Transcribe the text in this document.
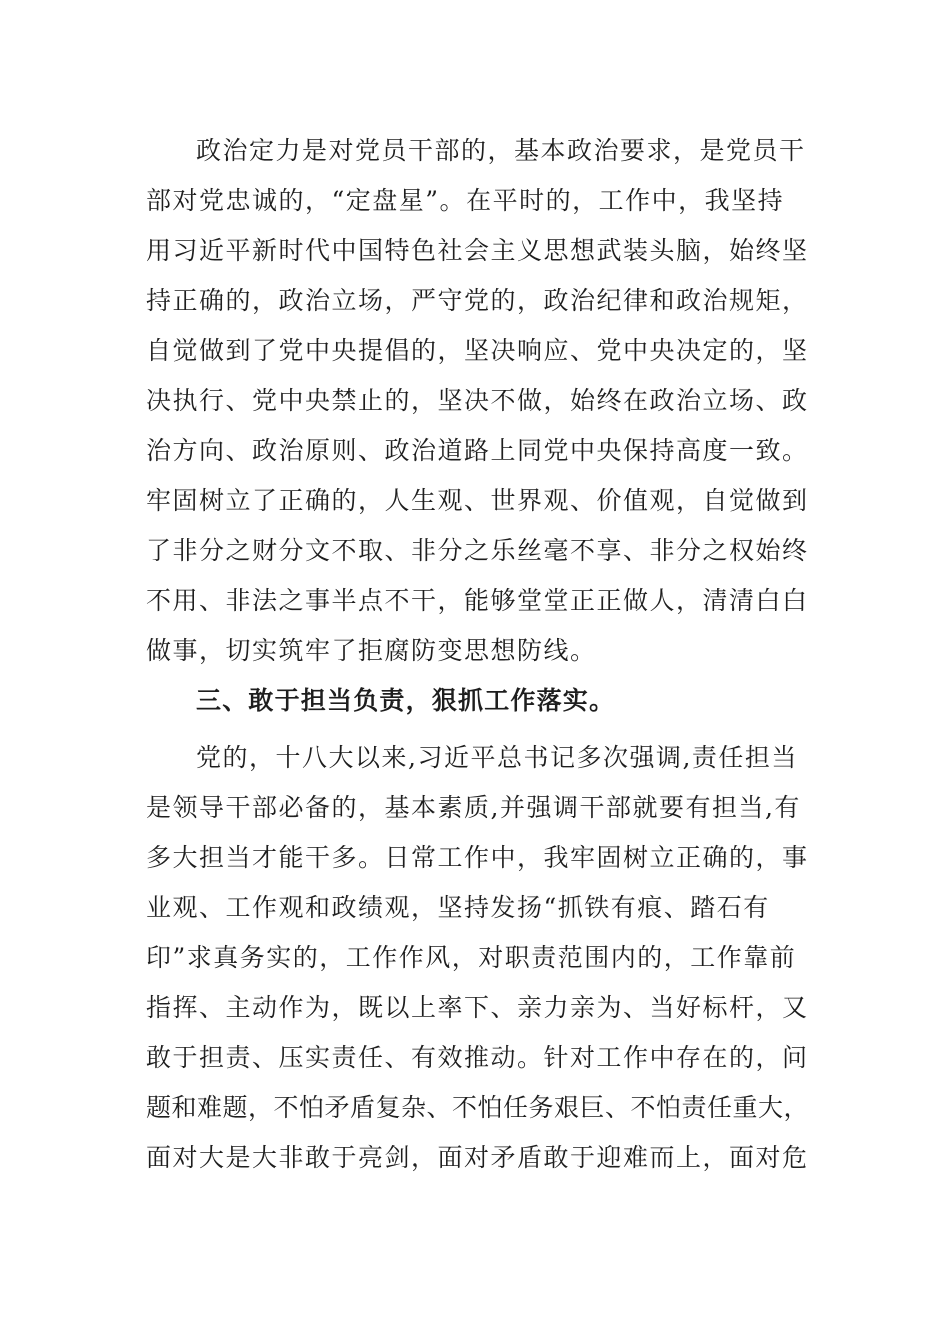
政治定力是对党员干部的，基本政治要求，是党员干
部对党忠诚的，“定盘星”。在平时的，工作中，我坚持
用习近平新时代中国特色社会主义思想武装头脑，始终坚
持正确的，政治立场，严守党的，政治纪律和政治规矩，
自觉做到了党中央提倡的，坚决响应、党中央决定的，坚
决执行、党中央禁止的，坚决不做，始终在政治立场、政
治方向、政治原则、政治道路上同党中央保持高度一致。
牢固树立了正确的，人生观、世界观、价值观，自觉做到
了非分之财分文不取、非分之乐丝毫不享、非分之权始终
不用、非法之事半点不干，能够堂堂正正做人，清清白白
做事，切实筑牢了拒腐防变思想防线。
三、敢于担当负责，狠抓工作落实。
党的，十八大以来,习近平总书记多次强调,责任担当
是领导干部必备的，基本素质,并强调干部就要有担当,有
多大担当才能干多。日常工作中，我牢固树立正确的，事
业观、工作观和政绩观，坚持发扬“抓铁有痕、踏石有
印”求真务实的，工作作风，对职责范围内的，工作靠前
指挥、主动作为，既以上率下、亲力亲为、当好标杆，又
敢于担责、压实责任、有效推动。针对工作中存在的，问
题和难题，不怕矛盾复杂、不怕任务艰巨、不怕责任重大，
面对大是大非敢于亮剑，面对矛盾敢于迎难而上，面对危
